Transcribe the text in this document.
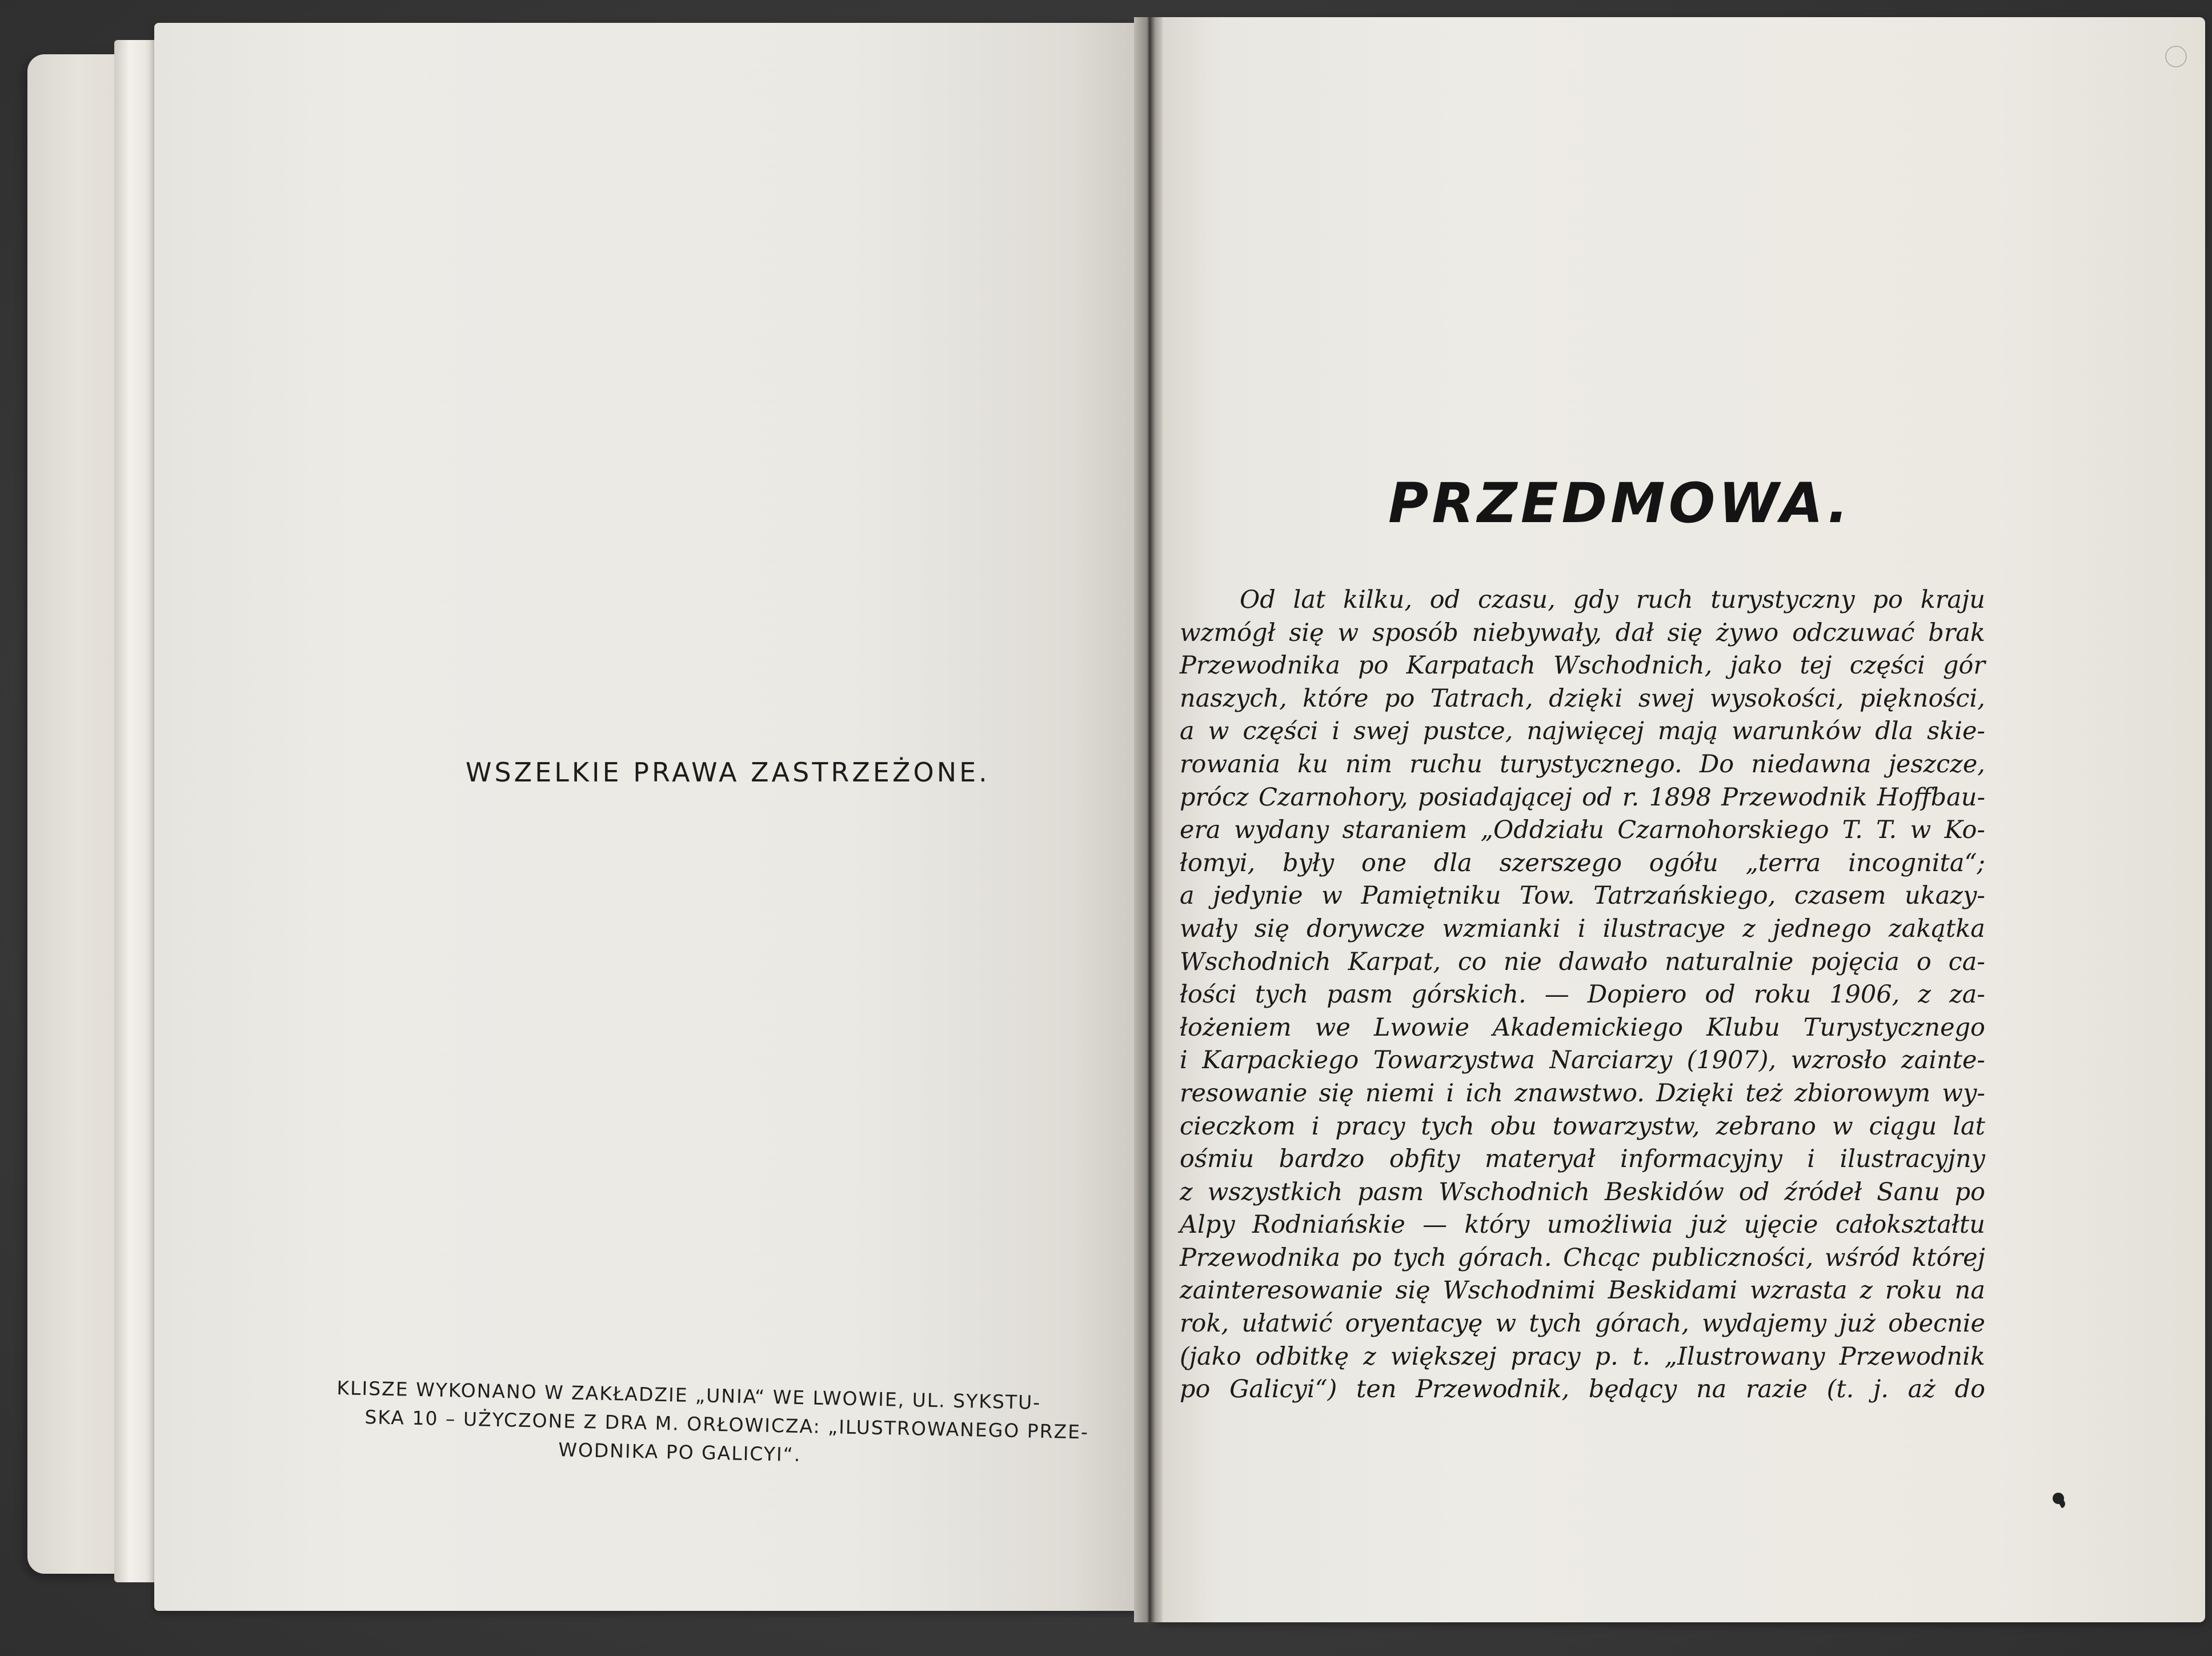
WSZELKIE PRAWA ZASTRZEŻONE.
KLISZE WYKONANO W ZAKŁADZIE „UNIA“ WE LWOWIE, UL. SYKSTU-
SKA 10 – UŻYCZONE Z DRA M. ORŁOWICZA: „ILUSTROWANEGO PRZE-
WODNIKA PO GALICYI“.
PRZEDMOWA.
Od lat kilku, od czasu, gdy ruch turystyczny po kraju
wzmógł się w sposób niebywały, dał się żywo odczuwać brak
Przewodnika po Karpatach Wschodnich, jako tej części gór
naszych, które po Tatrach, dzięki swej wysokości, piękności,
a w części i swej pustce, najwięcej mają warunków dla skie-
rowania ku nim ruchu turystycznego. Do niedawna jeszcze,
prócz Czarnohory, posiadającej od r. 1898 Przewodnik Hoffbau-
era wydany staraniem „Oddziału Czarnohorskiego T. T. w Ko-
łomyi, były one dla szerszego ogółu „terra incognita“;
a jedynie w Pamiętniku Tow. Tatrzańskiego, czasem ukazy-
wały się dorywcze wzmianki i ilustracye z jednego zakątka
Wschodnich Karpat, co nie dawało naturalnie pojęcia o ca-
łości tych pasm górskich. — Dopiero od roku 1906, z za-
łożeniem we Lwowie Akademickiego Klubu Turystycznego
i Karpackiego Towarzystwa Narciarzy (1907), wzrosło zainte-
resowanie się niemi i ich znawstwo. Dzięki też zbiorowym wy-
cieczkom i pracy tych obu towarzystw, zebrano w ciągu lat
ośmiu bardzo obfity materyał informacyjny i ilustracyjny
z wszystkich pasm Wschodnich Beskidów od źródeł Sanu po
Alpy Rodniańskie — który umożliwia już ujęcie całokształtu
Przewodnika po tych górach. Chcąc publiczności, wśród której
zainteresowanie się Wschodnimi Beskidami wzrasta z roku na
rok, ułatwić oryentacyę w tych górach, wydajemy już obecnie
(jako odbitkę z większej pracy p. t. „Ilustrowany Przewodnik
po Galicyi“) ten Przewodnik, będący na razie (t. j. aż do
